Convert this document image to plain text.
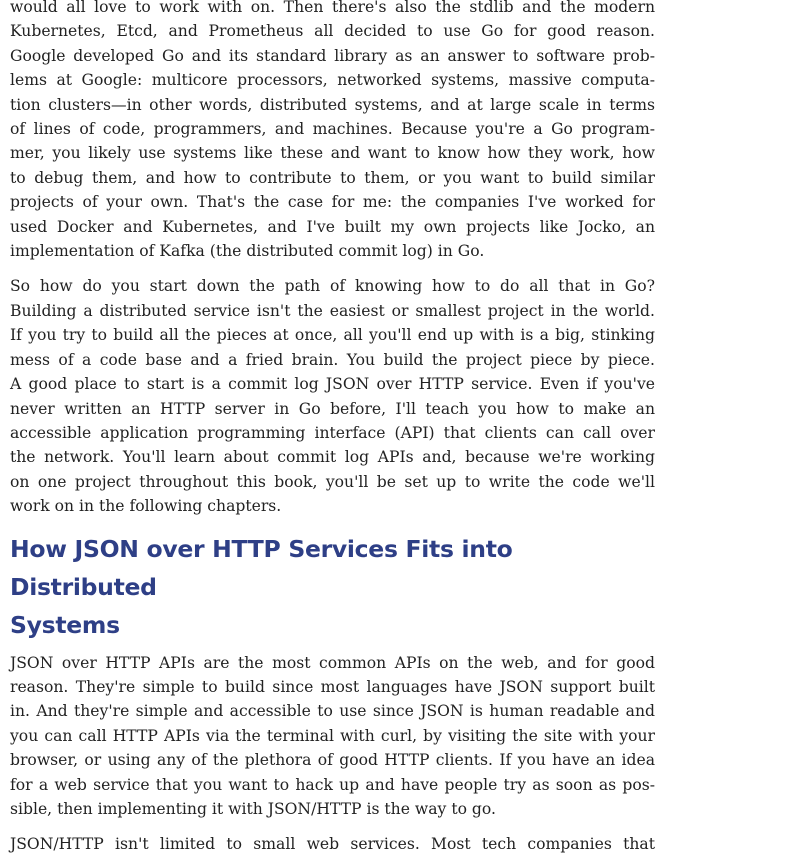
would all love to work with on. Then there's also the stdlib and the modern
Kubernetes, Etcd, and Prometheus all decided to use Go for good reason.
Google developed Go and its standard library as an answer to software prob-
lems at Google: multicore processors, networked systems, massive computa-
tion clusters—in other words, distributed systems, and at large scale in terms
of lines of code, programmers, and machines. Because you're a Go program-
mer, you likely use systems like these and want to know how they work, how
to debug them, and how to contribute to them, or you want to build similar
projects of your own. That's the case for me: the companies I've worked for
used Docker and Kubernetes, and I've built my own projects like Jocko, an
implementation of Kafka (the distributed commit log) in Go.
So how do you start down the path of knowing how to do all that in Go?
Building a distributed service isn't the easiest or smallest project in the world.
If you try to build all the pieces at once, all you'll end up with is a big, stinking
mess of a code base and a fried brain. You build the project piece by piece.
A good place to start is a commit log JSON over HTTP service. Even if you've
never written an HTTP server in Go before, I'll teach you how to make an
accessible application programming interface (API) that clients can call over
the network. You'll learn about commit log APIs and, because we're working
on one project throughout this book, you'll be set up to write the code we'll
work on in the following chapters.
How JSON over HTTP Services Fits into Distributed
Systems
JSON over HTTP APIs are the most common APIs on the web, and for good
reason. They're simple to build since most languages have JSON support built
in. And they're simple and accessible to use since JSON is human readable and
you can call HTTP APIs via the terminal with curl, by visiting the site with your
browser, or using any of the plethora of good HTTP clients. If you have an idea
for a web service that you want to hack up and have people try as soon as pos-
sible, then implementing it with JSON/HTTP is the way to go.
JSON/HTTP isn't limited to small web services. Most tech companies that
